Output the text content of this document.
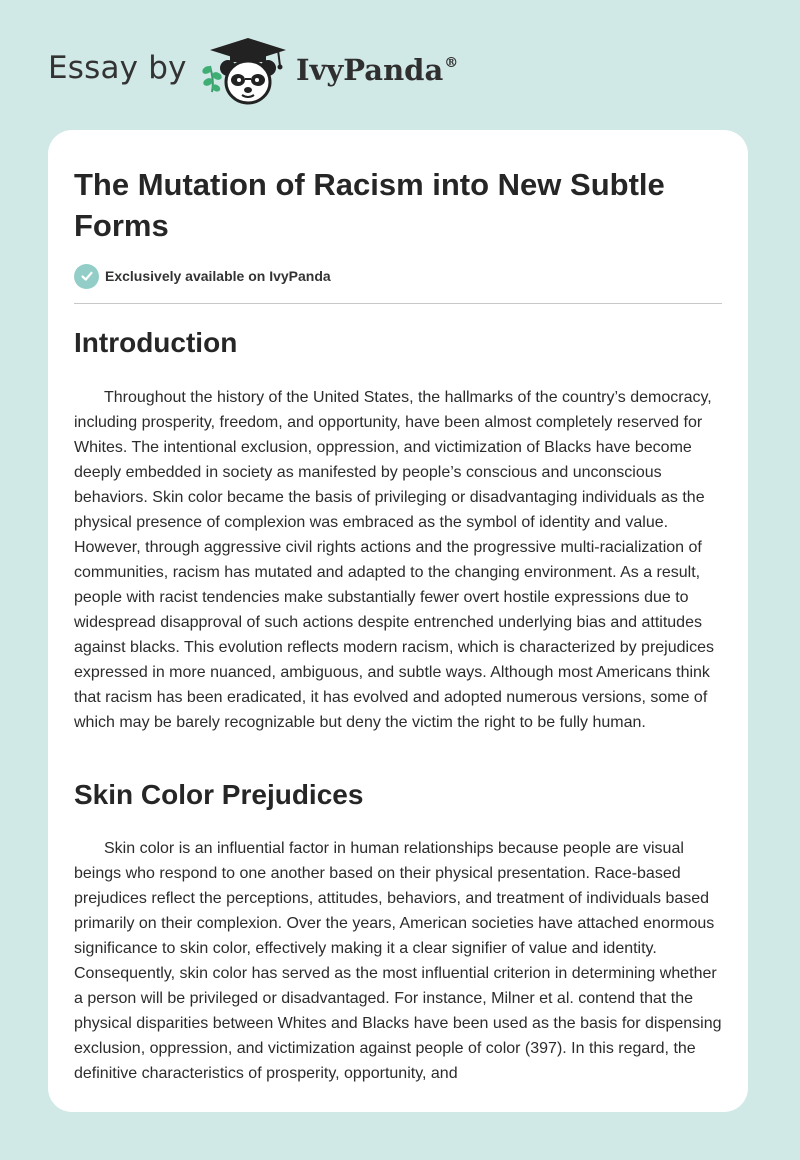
Essay by	IvyPanda®
The Mutation of Racism into New Subtle Forms
Exclusively available on IvyPanda
Introduction

Throughout the history of the United States, the hallmarks of the country’s democracy, including prosperity, freedom, and opportunity, have been almost completely reserved for Whites. The intentional exclusion, oppression, and victimization of Blacks have become deeply embedded in society as manifested by people’s conscious and unconscious behaviors. Skin color became the basis of privileging or disadvantaging individuals as the physical presence of complexion was embraced as the symbol of identity and value. However, through aggressive civil rights actions and the progressive multi-racialization of communities, racism has mutated and adapted to the changing environment. As a result, people with racist tendencies make substantially fewer overt hostile expressions due to widespread disapproval of such actions despite entrenched underlying bias and attitudes against blacks. This evolution reflects modern racism, which is characterized by prejudices expressed in more nuanced, ambiguous, and subtle ways. Although most Americans think that racism has been eradicated, it has evolved and adopted numerous versions, some of which may be barely recognizable but deny the victim the right to be fully human.

Skin Color Prejudices

Skin color is an influential factor in human relationships because people are visual beings who respond to one another based on their physical presentation. Race-based prejudices reflect the perceptions, attitudes, behaviors, and treatment of individuals based primarily on their complexion. Over the years, American societies have attached enormous significance to skin color, effectively making it a clear signifier of value and identity. Consequently, skin color has served as the most influential criterion in determining whether a person will be privileged or disadvantaged. For instance, Milner et al. contend that the physical disparities between Whites and Blacks have been used as the basis for dispensing exclusion, oppression, and victimization against people of color (397). In this regard, the definitive characteristics of prosperity, opportunity, and
